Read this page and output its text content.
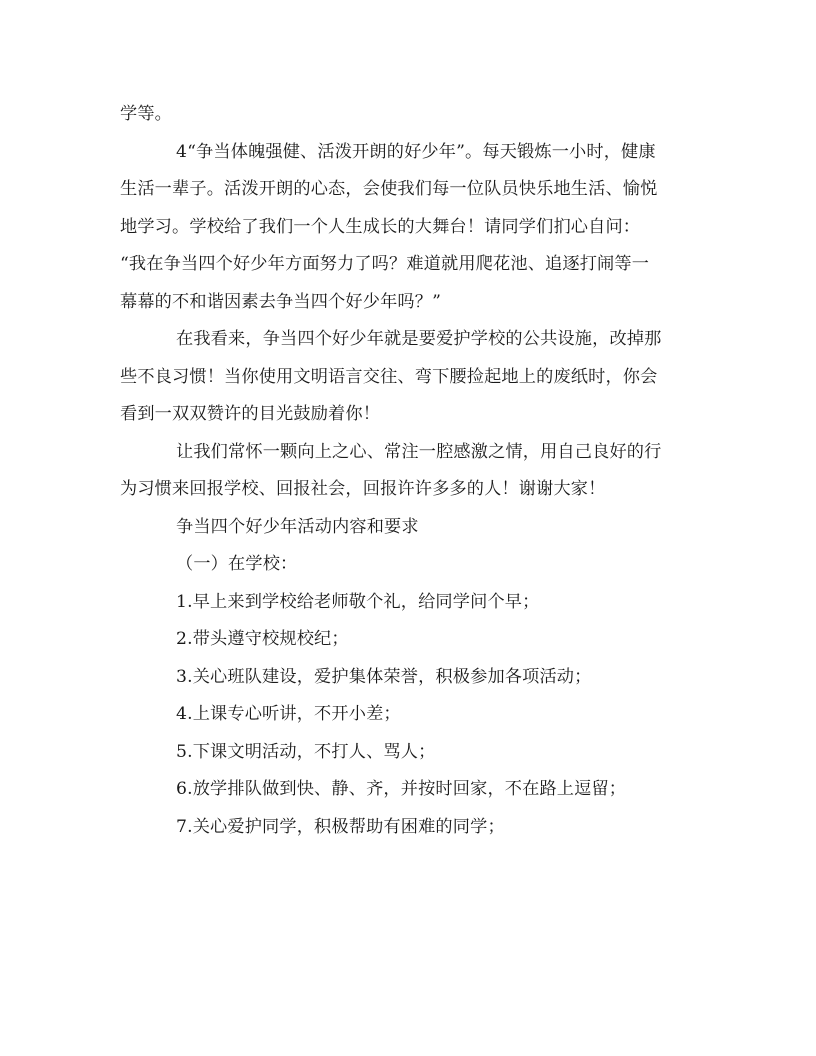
学等。

4“争当体魄强健、活泼开朗的好少年”。每天锻炼一小时，健康
生活一辈子。活泼开朗的心态，会使我们每一位队员快乐地生活、愉悦
地学习。学校给了我们一个人生成长的大舞台！请同学们扪心自问：
“我在争当四个好少年方面努力了吗？难道就用爬花池、追逐打闹等一
幕幕的不和谐因素去争当四个好少年吗？”

在我看来，争当四个好少年就是要爱护学校的公共设施，改掉那
些不良习惯！当你使用文明语言交往、弯下腰捡起地上的废纸时，你会
看到一双双赞许的目光鼓励着你！

让我们常怀一颗向上之心、常注一腔感激之情，用自己良好的行
为习惯来回报学校、回报社会，回报许许多多的人！谢谢大家！

争当四个好少年活动内容和要求

（一）在学校：

1.早上来到学校给老师敬个礼，给同学问个早；

2.带头遵守校规校纪；

3.关心班队建设，爱护集体荣誉，积极参加各项活动；

4.上课专心听讲，不开小差；

5.下课文明活动，不打人、骂人；

6.放学排队做到快、静、齐，并按时回家，不在路上逗留；

7.关心爱护同学，积极帮助有困难的同学；
